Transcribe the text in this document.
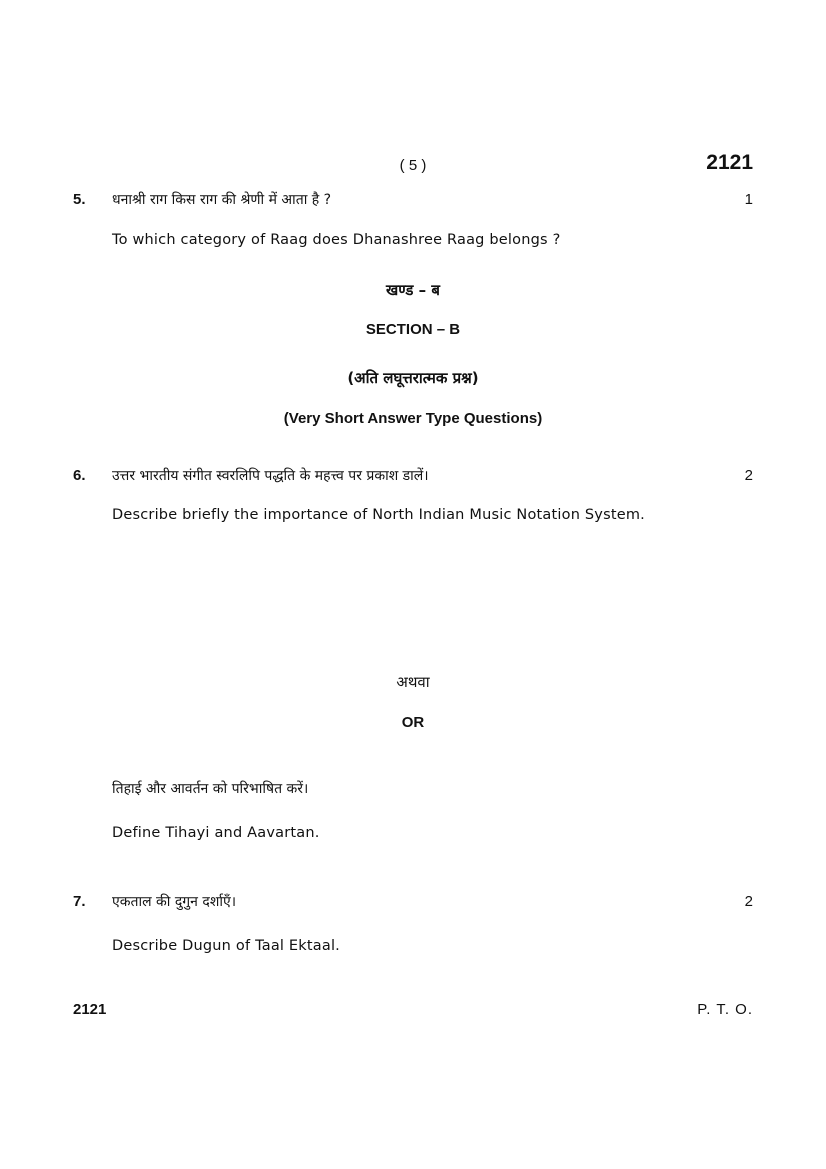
( 5 )	2121
5. धनाश्री राग किस राग की श्रेणी में आता है ?	1
To which category of Raag does Dhanashree Raag belongs ?
खण्ड – ब
SECTION – B
(अति लघूत्तरात्मक प्रश्न)
(Very Short Answer Type Questions)
6. उत्तर भारतीय संगीत स्वरलिपि पद्धति के महत्त्व पर प्रकाश डालें।	2
Describe briefly the importance of North Indian Music Notation System.
अथवा
OR
तिहाई और आवर्तन को परिभाषित करें।
Define Tihayi and Aavartan.
7. एकताल की दुगुन दर्शाएँ।	2
Describe Dugun of Taal Ektaal.
2121	P. T. O.
